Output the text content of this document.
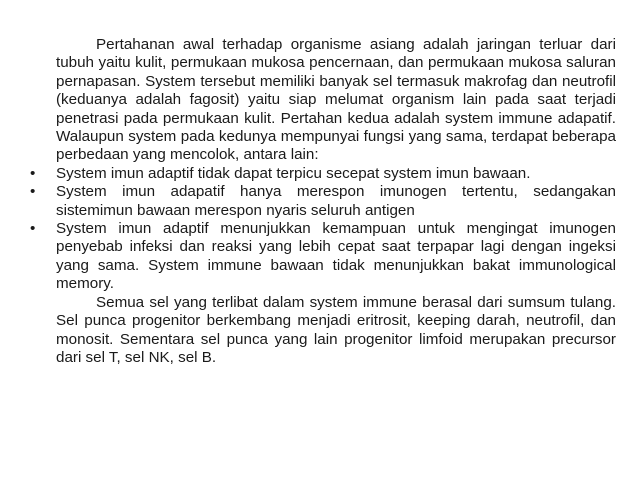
Pertahanan awal terhadap organisme asiang adalah jaringan terluar dari tubuh yaitu kulit, permukaan mukosa pencernaan, dan permukaan mukosa saluran pernapasan. System tersebut memiliki banyak sel termasuk makrofag dan neutrofil (keduanya adalah fagosit) yaitu siap melumat organism lain pada saat terjadi penetrasi pada permukaan kulit. Pertahan kedua adalah system immune adapatif. Walaupun system pada kedunya mempunyai fungsi yang sama, terdapat beberapa perbedaan yang mencolok, antara lain:

• System imun adaptif tidak dapat terpicu secepat system imun bawaan.
• System imun adapatif hanya merespon imunogen tertentu, sedangakan sistemimun bawaan merespon nyaris seluruh antigen
• System imun adaptif menunjukkan kemampuan untuk mengingat imunogen penyebab infeksi dan reaksi yang lebih cepat saat terpapar lagi dengan ingeksi yang sama. System immune bawaan tidak menunjukkan bakat immunological memory.

Semua sel yang terlibat dalam system immune berasal dari sumsum tulang. Sel punca progenitor berkembang menjadi eritrosit, keeping darah, neutrofil, dan monosit. Sementara sel punca yang lain progenitor limfoid merupakan precursor dari sel T, sel NK, sel B.
